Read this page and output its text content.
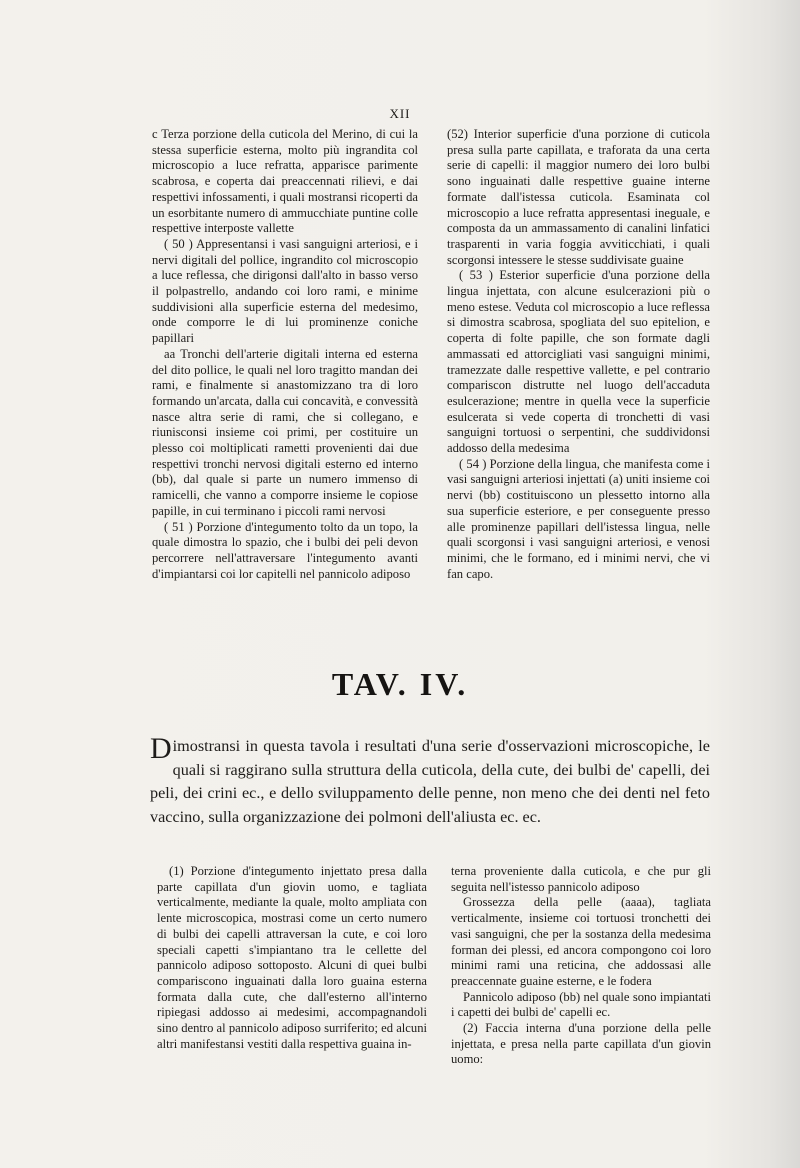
XII

c Terza porzione della cuticola del Merino, di cui la stessa superficie esterna, molto più ingrandita col microscopio a luce refratta, apparisce parimente scabrosa, e coperta dai preaccennati rilievi, e dai respettivi infossamenti, i quali mostransi ricoperti da un esorbitante numero di ammucchiate puntine colle respettive interposte vallette

( 50 ) Appresentansi i vasi sanguigni arteriosi, e i nervi digitali del pollice, ingrandito col microscopio a luce reflessa, che dirigonsi dall'alto in basso verso il polpastrello, andando coi loro rami, e minime suddivisioni alla superficie esterna del medesimo, onde comporre le di lui prominenze coniche papillari

aa Tronchi dell'arterie digitali interna ed esterna del dito pollice, le quali nel loro tragitto mandan dei rami, e finalmente si anastomizzano tra di loro formando un'arcata, dalla cui concavità, e convessità nasce altra serie di rami, che si collegano, e riunisconsi insieme coi primi, per costituire un plesso coi moltiplicati rametti provenienti dai due respettivi tronchi nervosi digitali esterno ed interno (bb), dal quale si parte un numero immenso di ramicelli, che vanno a comporre insieme le copiose papille, in cui terminano i piccoli rami nervosi

( 51 ) Porzione d'integumento tolto da un topo, la quale dimostra lo spazio, che i bulbi dei peli devon percorrere nell'attraversare l'integumento avanti d'impiantarsi coi lor capitelli nel pannicolo adiposo

(52) Interior superficie d'una porzione di cuticola presa sulla parte capillata, e traforata da una certa serie di capelli: il maggior numero dei loro bulbi sono inguainati dalle respettive guaine interne formate dall'istessa cuticola. Esaminata col microscopio a luce refratta appresentasi ineguale, e composta da un ammassamento di canalini linfatici trasparenti in varia foggia avviticchiati, i quali scorgonsi intessere le stesse suddivisate guaine

( 53 ) Esterior superficie d'una porzione della lingua injettata, con alcune esulcerazioni più o meno estese. Veduta col microscopio a luce reflessa si dimostra scabrosa, spogliata del suo epitelion, e coperta di folte papille, che son formate dagli ammassati ed attorcigliati vasi sanguigni minimi, tramezzate dalle respettive vallette, e pel contrario compariscon distrutte nel luogo dell'accaduta esulcerazione; mentre in quella vece la superficie esulcerata si vede coperta di tronchetti di vasi sanguigni tortuosi o serpentini, che suddividonsi addosso della medesima

( 54 ) Porzione della lingua, che manifesta come i vasi sanguigni arteriosi injettati (a) uniti insieme coi nervi (bb) costituiscono un plessetto intorno alla sua superficie esteriore, e per conseguente presso alle prominenze papillari dell'istessa lingua, nelle quali scorgonsi i vasi sanguigni arteriosi, e venosi minimi, che le formano, ed i minimi nervi, che vi fan capo.

TAV. IV.
Dimostransi in questa tavola i resultati d'una serie d'osservazioni microscopiche, le quali si raggirano sulla struttura della cuticola, della cute, dei bulbi de' capelli, dei peli, dei crini ec., e dello sviluppamento delle penne, non meno che dei denti nel feto vaccino, sulla organizzazione dei polmoni dell'aliusta ec. ec.

(1) Porzione d'integumento injettato presa dalla parte capillata d'un giovin uomo, e tagliata verticalmente, mediante la quale, molto ampliata con lente microscopica, mostrasi come un certo numero di bulbi dei capelli attraversan la cute, e coi loro speciali capetti s'impiantano tra le cellette del pannicolo adiposo sottoposto. Alcuni di quei bulbi compariscono inguainati dalla loro guaina esterna formata dalla cute, che dall'esterno all'interno ripiegasi addosso ai medesimi, accompagnandoli sino dentro al pannicolo adiposo surriferito; ed alcuni altri manifestansi vestiti dalla respettiva guaina in-

terna proveniente dalla cuticola, e che pur gli seguita nell'istesso pannicolo adiposo

Grossezza della pelle (aaaa), tagliata verticalmente, insieme coi tortuosi tronchetti dei vasi sanguigni, che per la sostanza della medesima forman dei plessi, ed ancora compongono coi loro minimi rami una reticina, che addossasi alle preaccennate guaine esterne, e le fodera

Pannicolo adiposo (bb) nel quale sono impiantati i capetti dei bulbi de' capelli ec.

(2) Faccia interna d'una porzione della pelle injettata, e presa nella parte capillata d'un giovin uomo:
